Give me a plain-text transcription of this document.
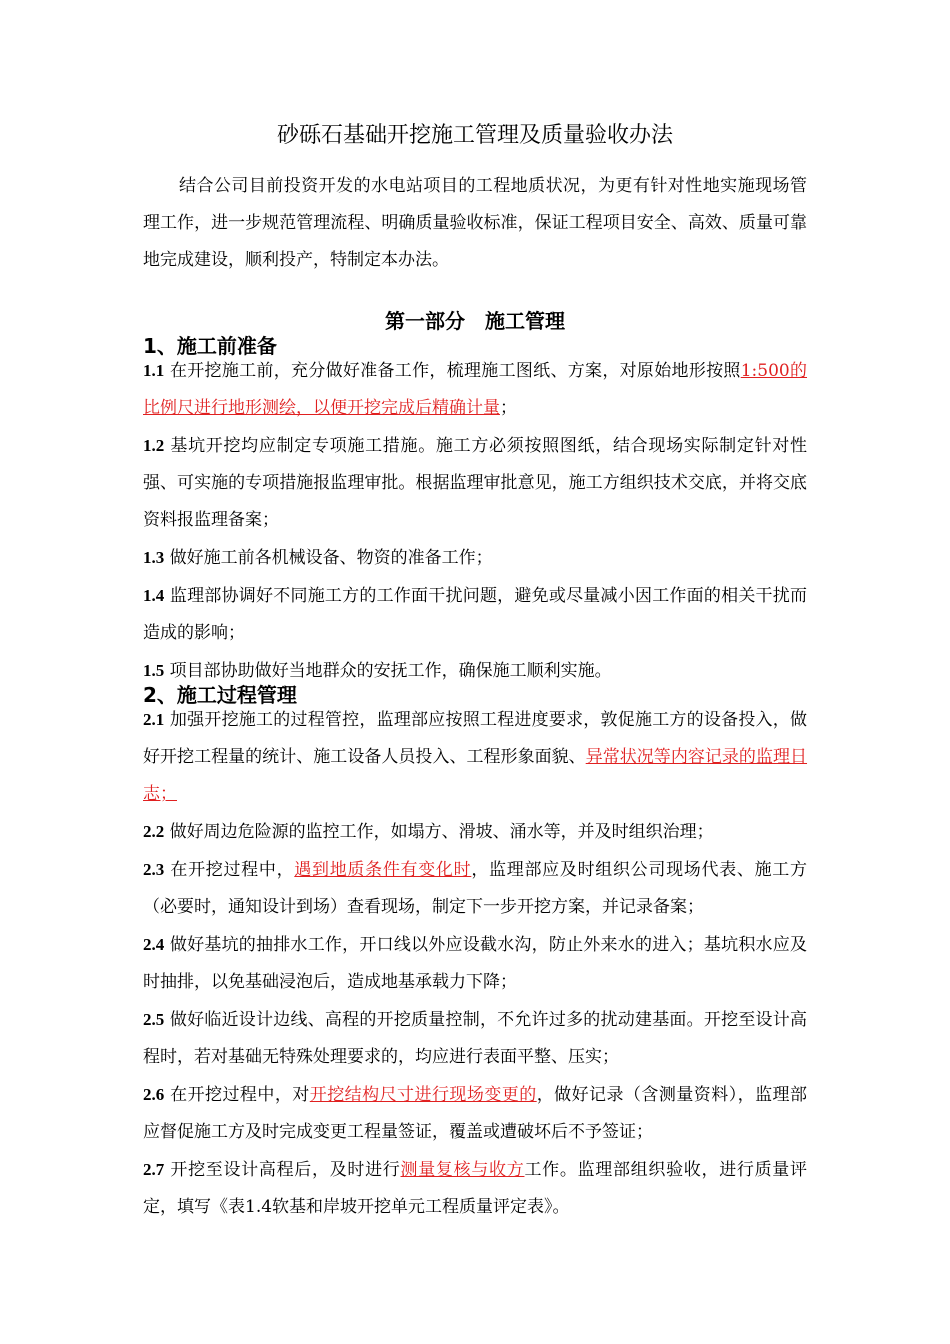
砂砾石基础开挖施工管理及质量验收办法
结合公司目前投资开发的水电站项目的工程地质状况，为更有针对性地实施现场管理工作，进一步规范管理流程、明确质量验收标准，保证工程项目安全、高效、质量可靠地完成建设，顺利投产，特制定本办法。
第一部分　施工管理
1、施工前准备

1.1 在开挖施工前，充分做好准备工作，梳理施工图纸、方案，对原始地形按照1:500的比例尺进行地形测绘，以便开挖完成后精确计量；

1.2 基坑开挖均应制定专项施工措施。施工方必须按照图纸，结合现场实际制定针对性强、可实施的专项措施报监理审批。根据监理审批意见，施工方组织技术交底，并将交底资料报监理备案；

1.3 做好施工前各机械设备、物资的准备工作；

1.4 监理部协调好不同施工方的工作面干扰问题，避免或尽量减小因工作面的相关干扰而造成的影响；

1.5 项目部协助做好当地群众的安抚工作，确保施工顺利实施。

2、施工过程管理

2.1 加强开挖施工的过程管控，监理部应按照工程进度要求，敦促施工方的设备投入，做好开挖工程量的统计、施工设备人员投入、工程形象面貌、异常状况等内容记录的监理日志；

2.2 做好周边危险源的监控工作，如塌方、滑坡、涌水等，并及时组织治理；

2.3 在开挖过程中，遇到地质条件有变化时，监理部应及时组织公司现场代表、施工方（必要时，通知设计到场）查看现场，制定下一步开挖方案，并记录备案；

2.4 做好基坑的抽排水工作，开口线以外应设截水沟，防止外来水的进入；基坑积水应及时抽排，以免基础浸泡后，造成地基承载力下降；

2.5 做好临近设计边线、高程的开挖质量控制，不允许过多的扰动建基面。开挖至设计高程时，若对基础无特殊处理要求的，均应进行表面平整、压实；

2.6 在开挖过程中，对开挖结构尺寸进行现场变更的，做好记录（含测量资料），监理部应督促施工方及时完成变更工程量签证，覆盖或遭破坏后不予签证；

2.7 开挖至设计高程后，及时进行测量复核与收方工作。监理部组织验收，进行质量评定，填写《表1.4软基和岸坡开挖单元工程质量评定表》。
